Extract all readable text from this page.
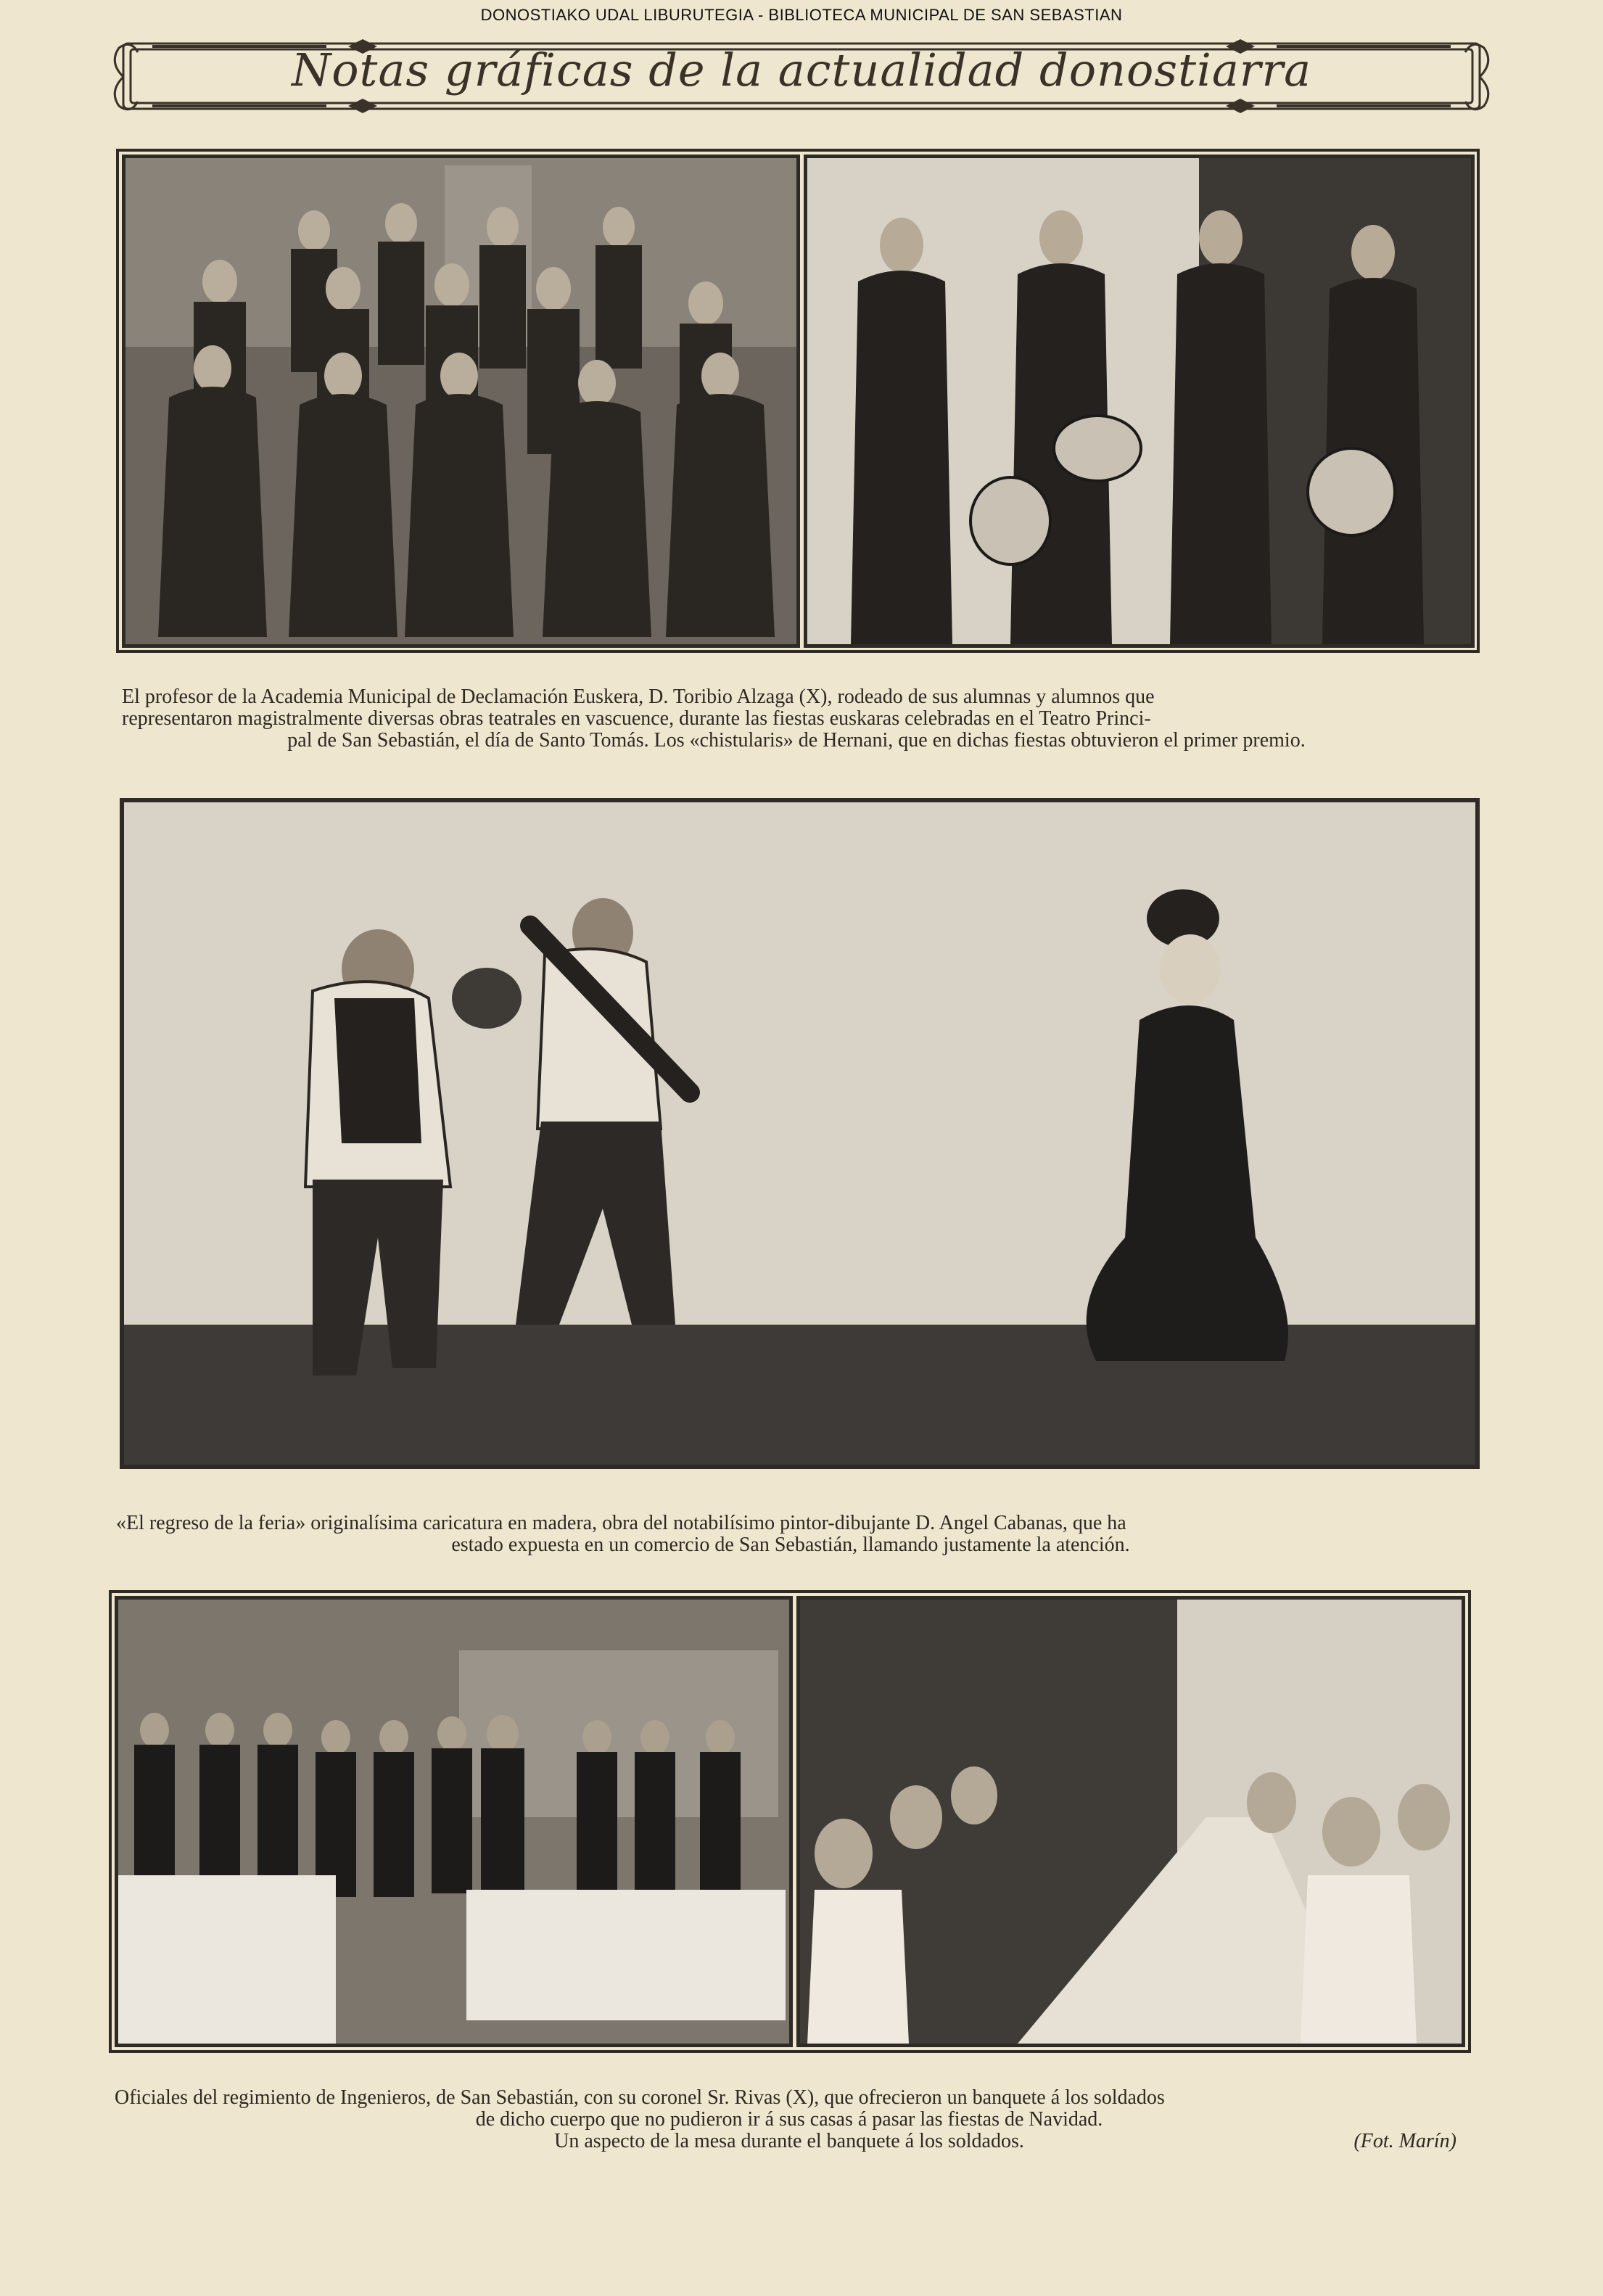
DONOSTIAKO UDAL LIBURUTEGIA - BIBLIOTECA MUNICIPAL DE SAN SEBASTIAN
Notas gráficas de la actualidad donostiarra
El profesor de la Academia Municipal de Declamación Euskera, D. Toribio Alzaga (X), rodeado de sus alumnas y alumnos que
representaron magistralmente diversas obras teatrales en vascuence, durante las fiestas euskaras celebradas en el Teatro Princi-
pal de San Sebastián, el día de Santo Tomás. Los «chistularis» de Hernani, que en dichas fiestas obtuvieron el primer premio.
«El regreso de la feria» originalísima caricatura en madera, obra del notabilísimo pintor-dibujante D. Angel Cabanas, que ha
estado expuesta en un comercio de San Sebastián, llamando justamente la atención.
Oficiales del regimiento de Ingenieros, de San Sebastián, con su coronel Sr. Rivas (X), que ofrecieron un banquete á los soldados
de dicho cuerpo que no pudieron ir á sus casas á pasar las fiestas de Navidad.
Un aspecto de la mesa durante el banquete á los soldados.	(Fot. Marín)
